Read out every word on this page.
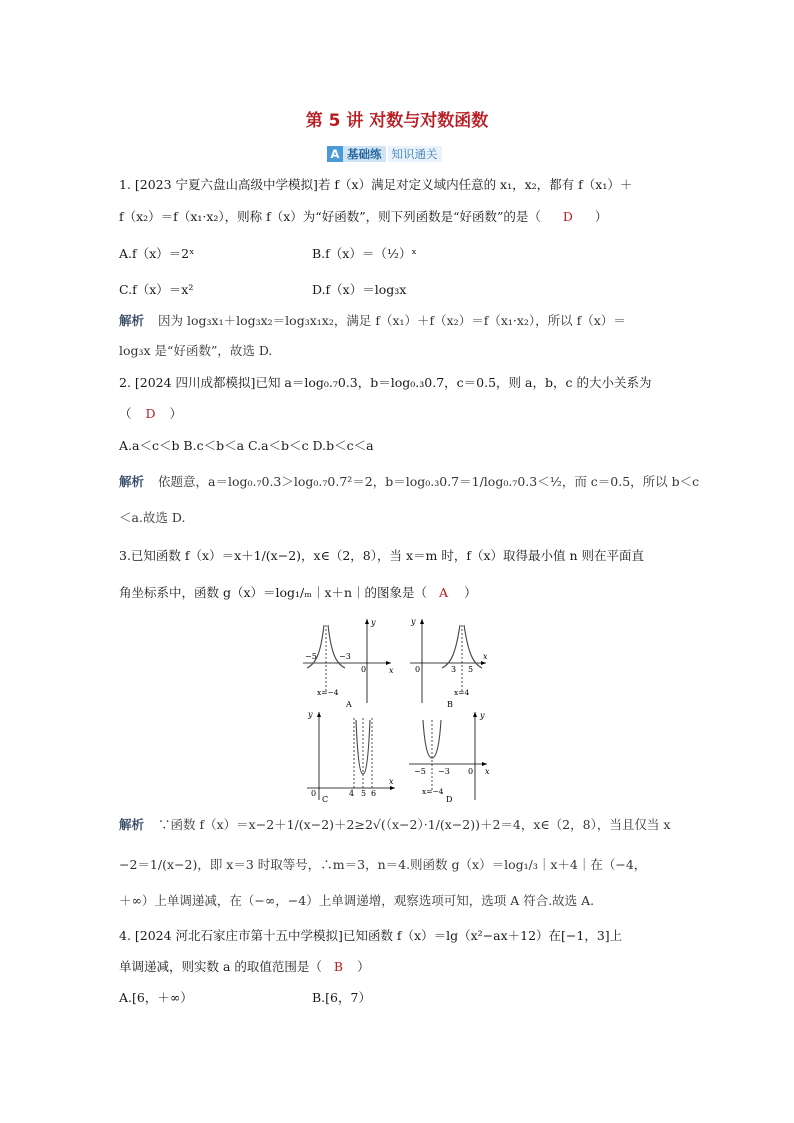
第 5 讲 对数与对数函数
A 基础练 知识通关
1. [2023 宁夏六盘山高级中学模拟]若 f（x）满足对定义域内任意的 x₁，x₂，都有 f（x₁）＋
f（x₂）＝f（x₁·x₂），则称 f（x）为“好函数”，则下列函数是“好函数”的是（ D ）
A.f（x）＝2ˣ	B.f（x）＝（½）ˣ
C.f（x）＝x²	D.f（x）＝log₃x
解析 因为 log₃x₁＋log₃x₂＝log₃x₁x₂，满足 f（x₁）＋f（x₂）＝f（x₁·x₂），所以 f（x）＝
log₃x 是“好函数”，故选 D.
2. [2024 四川成都模拟]已知 a＝log₀.₇0.3，b＝log₀.₃0.7，c＝0.5，则 a，b，c 的大小关系为
（ D ）
A.a＜c＜b B.c＜b＜a C.a＜b＜c D.b＜c＜a
解析 依题意，a＝log₀.₇0.3＞log₀.₇0.7²＝2，b＝log₀.₃0.7＝1/log₀.₇0.3＜½，而 c＝0.5，所以 b＜c
＜a.故选 D.
3.已知函数 f（x）＝x＋1/(x−2)，x∈（2，8），当 x＝m 时，f（x）取得最小值 n 则在平面直
角坐标系中，函数 g（x）＝log₁/ₘ｜x＋n｜的图象是（ A ）
−5	−3
0
y
x
x=−4
A
y
0	3 5
x
x=4
B
y
0	4 5 6
x
C
y
−5 −3 0 x
x=−4
D
解析 ∵函数 f（x）＝x−2＋1/(x−2)＋2≥2√(（x−2）·1/(x−2))＋2＝4，x∈（2，8），当且仅当 x
−2＝1/(x−2)，即 x＝3 时取等号，∴m＝3，n＝4.则函数 g（x）＝log₁/₃｜x＋4｜在（−4，
＋∞）上单调递减，在（−∞，−4）上单调递增，观察选项可知，选项 A 符合.故选 A.
4. [2024 河北石家庄市第十五中学模拟]已知函数 f（x）＝lg（x²−ax＋12）在[−1，3]上
单调递减，则实数 a 的取值范围是（ B ）
A.[6，＋∞）	B.[6，7）
